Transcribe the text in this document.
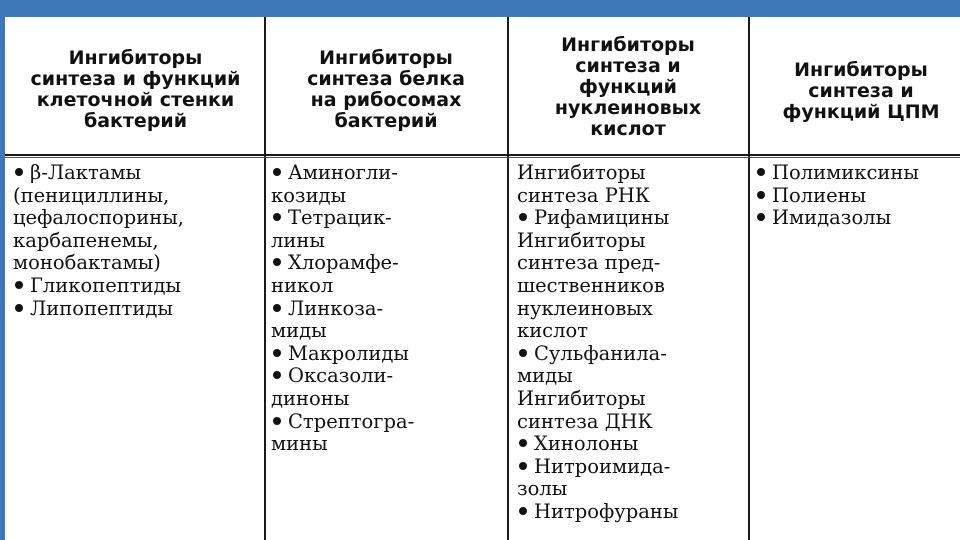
Ингибиторы
синтеза и функций
клеточной стенки
бактерий
Ингибиторы
синтеза белка
на рибосомах
бактерий
Ингибиторы
синтеза и
функций
нуклеиновых
кислот
Ингибиторы
синтеза и
функций ЦПМ
β-Лактамы
(пенициллины,
цефалоспорины,
карбапенемы,
монобактамы)
Гликопептиды
Липопептиды
Аминогли-
козиды
Тетрацик-
лины
Хлорамфе-
никол
Линкоза-
миды
Макролиды
Оксазоли-
диноны
Стрептогра-
мины
Ингибиторы
синтеза РНК
Рифамицины
Ингибиторы
синтеза пред-
шественников
нуклеиновых
кислот
Сульфанила-
миды
Ингибиторы
синтеза ДНК
Хинолоны
Нитроимида-
золы
Нитрофураны
Полимиксины
Полиены
Имидазолы
